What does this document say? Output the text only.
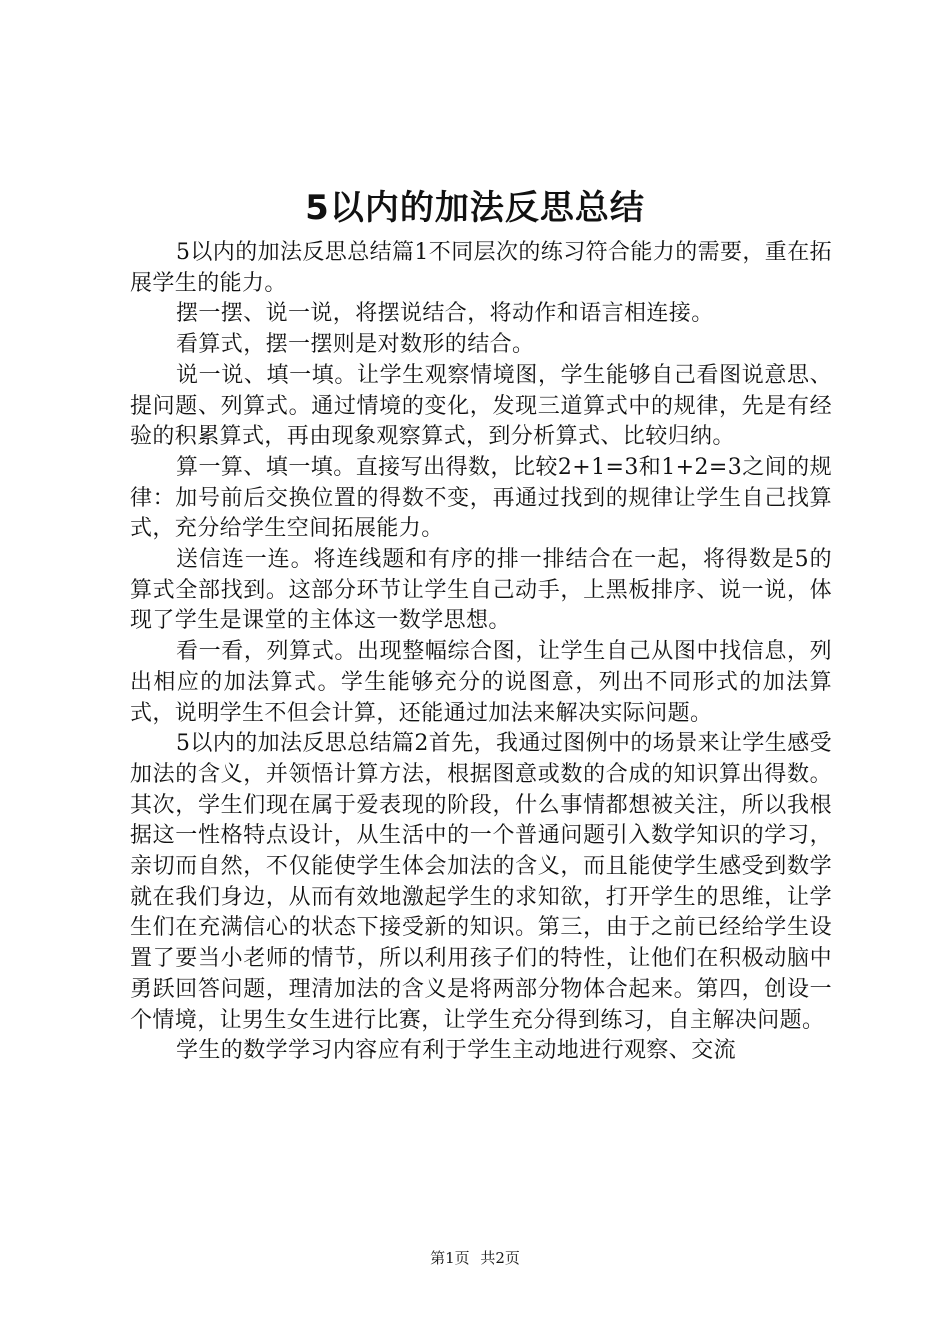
5以内的加法反思总结

5以内的加法反思总结篇1不同层次的练习符合能力的需要，重在拓展学生的能力。

摆一摆、说一说，将摆说结合，将动作和语言相连接。

看算式，摆一摆则是对数形的结合。

说一说、填一填。让学生观察情境图，学生能够自己看图说意思、提问题、列算式。通过情境的变化，发现三道算式中的规律，先是有经验的积累算式，再由现象观察算式，到分析算式、比较归纳。

算一算、填一填。直接写出得数，比较2+1=3和1+2=3之间的规律：加号前后交换位置的得数不变，再通过找到的规律让学生自己找算式，充分给学生空间拓展能力。

送信连一连。将连线题和有序的排一排结合在一起，将得数是5的算式全部找到。这部分环节让学生自己动手，上黑板排序、说一说，体现了学生是课堂的主体这一数学思想。

看一看，列算式。出现整幅综合图，让学生自己从图中找信息，列出相应的加法算式。学生能够充分的说图意，列出不同形式的加法算式，说明学生不但会计算，还能通过加法来解决实际问题。

5以内的加法反思总结篇2首先，我通过图例中的场景来让学生感受加法的含义，并领悟计算方法，根据图意或数的合成的知识算出得数。其次，学生们现在属于爱表现的阶段，什么事情都想被关注，所以我根据这一性格特点设计，从生活中的一个普通问题引入数学知识的学习，亲切而自然，不仅能使学生体会加法的含义，而且能使学生感受到数学就在我们身边，从而有效地激起学生的求知欲，打开学生的思维，让学生们在充满信心的状态下接受新的知识。第三，由于之前已经给学生设置了要当小老师的情节，所以利用孩子们的特性，让他们在积极动脑中勇跃回答问题，理清加法的含义是将两部分物体合起来。第四，创设一个情境，让男生女生进行比赛，让学生充分得到练习，自主解决问题。

学生的数学学习内容应有利于学生主动地进行观察、交流

第1页 共2页
